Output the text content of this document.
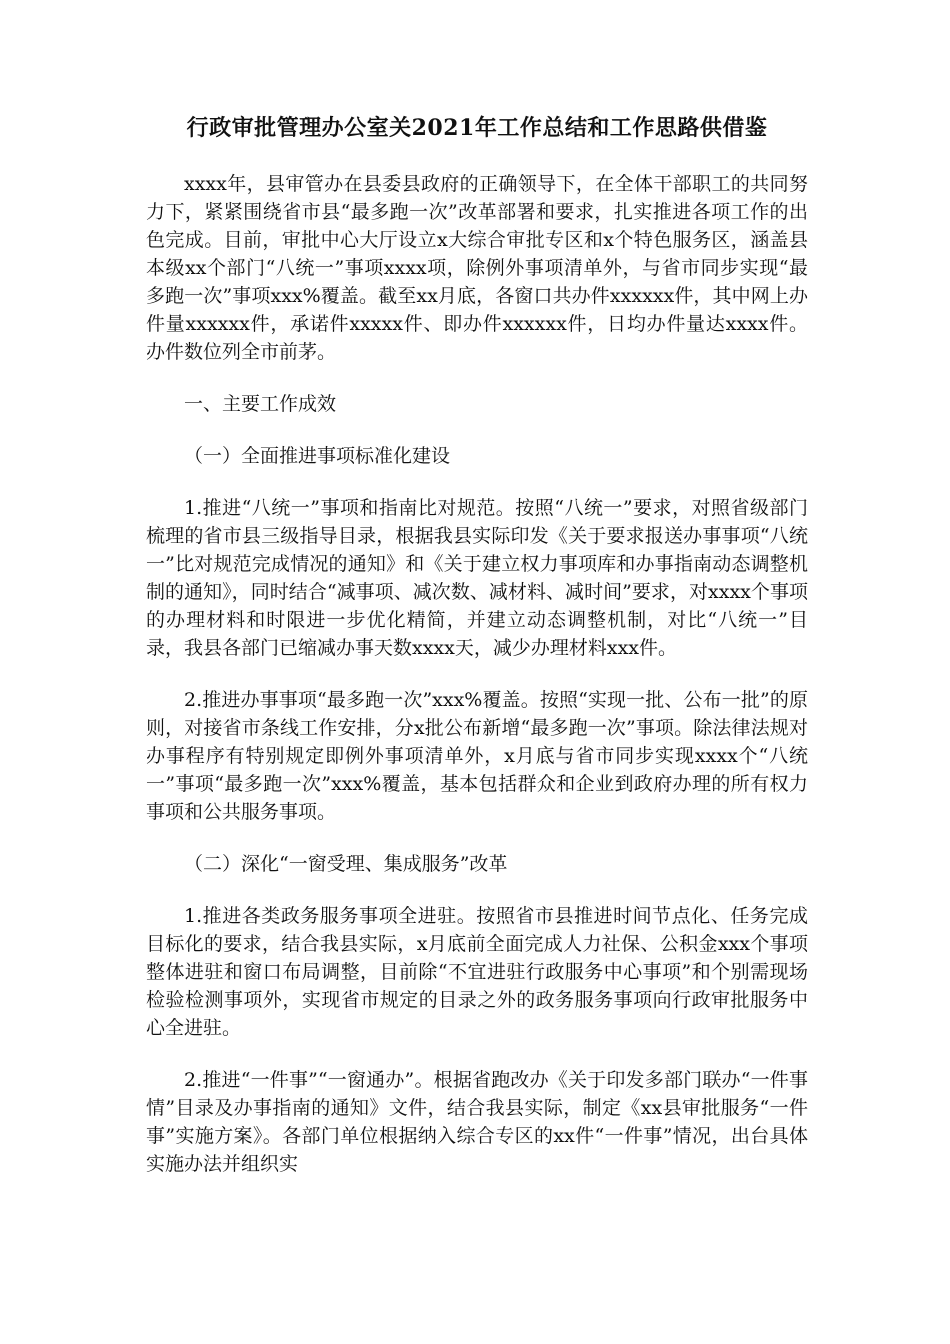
行政审批管理办公室关2021年工作总结和工作思路供借鉴

xxxx年，县审管办在县委县政府的正确领导下，在全体干部职工的共同努力下，紧紧围绕省市县“最多跑一次”改革部署和要求，扎实推进各项工作的出色完成。目前，审批中心大厅设立x大综合审批专区和x个特色服务区，涵盖县本级xx个部门“八统一”事项xxxx项，除例外事项清单外，与省市同步实现“最多跑一次”事项xxx%覆盖。截至xx月底，各窗口共办件xxxxxx件，其中网上办件量xxxxxx件，承诺件xxxxx件、即办件xxxxxx件，日均办件量达xxxx件。办件数位列全市前茅。

一、主要工作成效

（一）全面推进事项标准化建设

1.推进“八统一”事项和指南比对规范。按照“八统一”要求，对照省级部门梳理的省市县三级指导目录，根据我县实际印发《关于要求报送办事事项“八统一”比对规范完成情况的通知》和《关于建立权力事项库和办事指南动态调整机制的通知》，同时结合“减事项、减次数、减材料、减时间”要求，对xxxx个事项的办理材料和时限进一步优化精简，并建立动态调整机制，对比“八统一”目录，我县各部门已缩减办事天数xxxx天，减少办理材料xxx件。

2.推进办事事项“最多跑一次”xxx%覆盖。按照“实现一批、公布一批”的原则，对接省市条线工作安排，分x批公布新增“最多跑一次”事项。除法律法规对办事程序有特别规定即例外事项清单外，x月底与省市同步实现xxxx个“八统一”事项“最多跑一次”xxx%覆盖，基本包括群众和企业到政府办理的所有权力事项和公共服务事项。

（二）深化“一窗受理、集成服务”改革

1.推进各类政务服务事项全进驻。按照省市县推进时间节点化、任务完成目标化的要求，结合我县实际，x月底前全面完成人力社保、公积金xxx个事项整体进驻和窗口布局调整，目前除“不宜进驻行政服务中心事项”和个别需现场检验检测事项外，实现省市规定的目录之外的政务服务事项向行政审批服务中心全进驻。

2.推进“一件事”“一窗通办”。根据省跑改办《关于印发多部门联办“一件事情”目录及办事指南的通知》文件，结合我县实际，制定《xx县审批服务“一件事”实施方案》。各部门单位根据纳入综合专区的xx件“一件事”情况，出台具体实施办法并组织实
